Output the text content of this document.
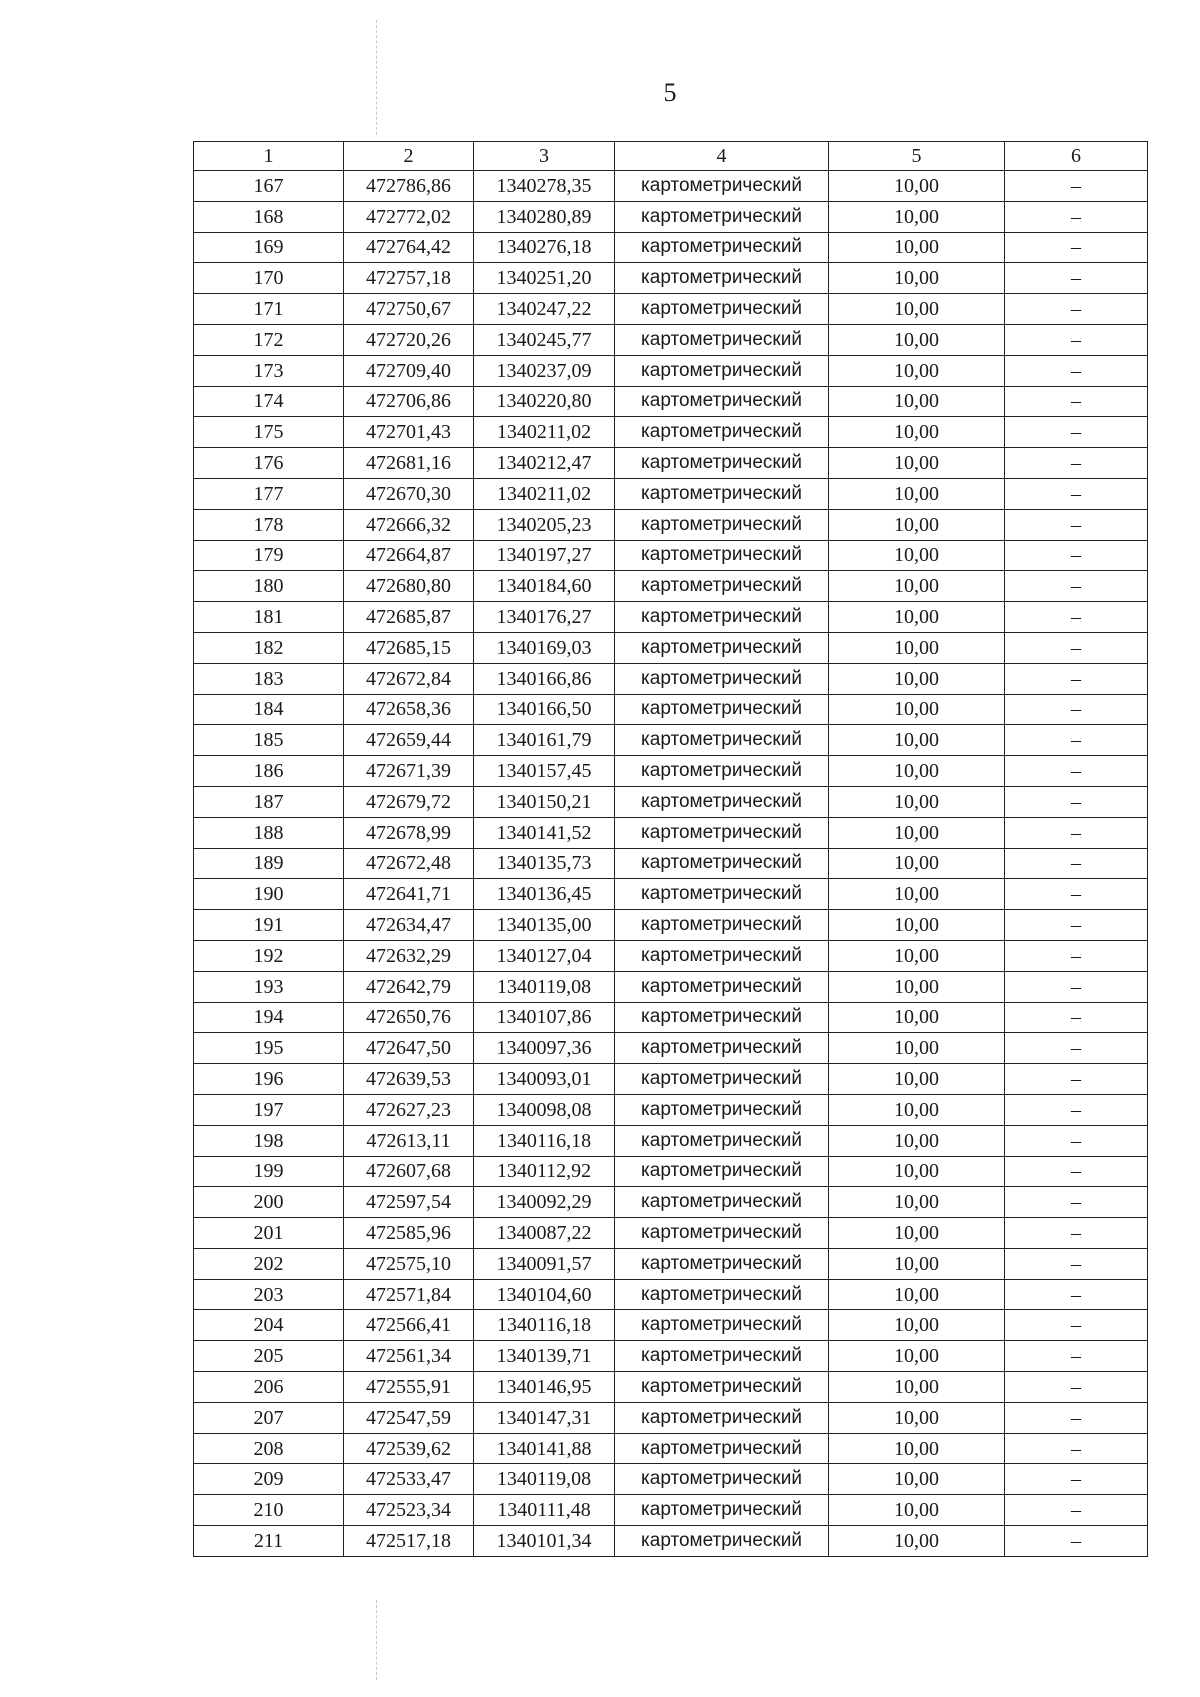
5
1	2	3	4	5	6
167	472786,86	1340278,35	картометрический	10,00	–
168	472772,02	1340280,89	картометрический	10,00	–
169	472764,42	1340276,18	картометрический	10,00	–
170	472757,18	1340251,20	картометрический	10,00	–
171	472750,67	1340247,22	картометрический	10,00	–
172	472720,26	1340245,77	картометрический	10,00	–
173	472709,40	1340237,09	картометрический	10,00	–
174	472706,86	1340220,80	картометрический	10,00	–
175	472701,43	1340211,02	картометрический	10,00	–
176	472681,16	1340212,47	картометрический	10,00	–
177	472670,30	1340211,02	картометрический	10,00	–
178	472666,32	1340205,23	картометрический	10,00	–
179	472664,87	1340197,27	картометрический	10,00	–
180	472680,80	1340184,60	картометрический	10,00	–
181	472685,87	1340176,27	картометрический	10,00	–
182	472685,15	1340169,03	картометрический	10,00	–
183	472672,84	1340166,86	картометрический	10,00	–
184	472658,36	1340166,50	картометрический	10,00	–
185	472659,44	1340161,79	картометрический	10,00	–
186	472671,39	1340157,45	картометрический	10,00	–
187	472679,72	1340150,21	картометрический	10,00	–
188	472678,99	1340141,52	картометрический	10,00	–
189	472672,48	1340135,73	картометрический	10,00	–
190	472641,71	1340136,45	картометрический	10,00	–
191	472634,47	1340135,00	картометрический	10,00	–
192	472632,29	1340127,04	картометрический	10,00	–
193	472642,79	1340119,08	картометрический	10,00	–
194	472650,76	1340107,86	картометрический	10,00	–
195	472647,50	1340097,36	картометрический	10,00	–
196	472639,53	1340093,01	картометрический	10,00	–
197	472627,23	1340098,08	картометрический	10,00	–
198	472613,11	1340116,18	картометрический	10,00	–
199	472607,68	1340112,92	картометрический	10,00	–
200	472597,54	1340092,29	картометрический	10,00	–
201	472585,96	1340087,22	картометрический	10,00	–
202	472575,10	1340091,57	картометрический	10,00	–
203	472571,84	1340104,60	картометрический	10,00	–
204	472566,41	1340116,18	картометрический	10,00	–
205	472561,34	1340139,71	картометрический	10,00	–
206	472555,91	1340146,95	картометрический	10,00	–
207	472547,59	1340147,31	картометрический	10,00	–
208	472539,62	1340141,88	картометрический	10,00	–
209	472533,47	1340119,08	картометрический	10,00	–
210	472523,34	1340111,48	картометрический	10,00	–
211	472517,18	1340101,34	картометрический	10,00	–
